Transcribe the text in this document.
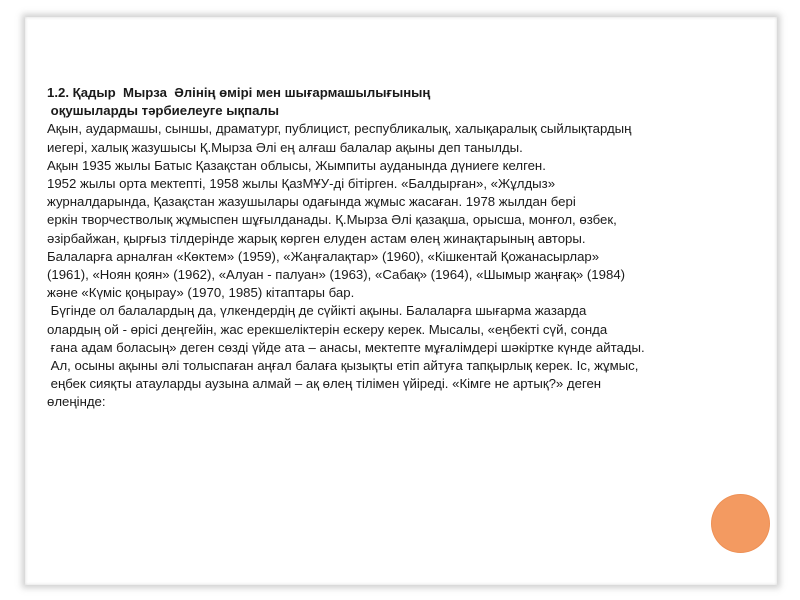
1.2. Қадыр  Мырза  Әлінің өмірі мен шығармашылығының
оқушыларды тәрбиелеуге ықпалы
Ақын, аудармашы, сыншы, драматург, публицист, республикалық, халықаралық сыйлықтардың
иегері, халық жазушысы Қ.Мырза Әлі ең алғаш балалар ақыны деп танылды.
Ақын 1935 жылы Батыс Қазақстан облысы, Жымпиты ауданында дүниеге келген.
1952 жылы орта мектепті, 1958 жылы ҚазМҰУ-ді бітірген. «Балдырған», «Жұлдыз»
журналдарында, Қазақстан жазушылары одағында жұмыс жасаған. 1978 жылдан бері
еркін творчестволық жұмыспен шұғылданады. Қ.Мырза Әлі қазақша, орысша, монғол, өзбек,
әзірбайжан, қырғыз тілдерінде жарық көрген елуден астам өлең жинақтарының авторы.
Балаларға арналған «Көктем» (1959), «Жаңғалақтар» (1960), «Кішкентай Қожанасырлар»
(1961), «Ноян қоян» (1962), «Алуан - палуан» (1963), «Сабақ» (1964), «Шымыр жаңғақ» (1984)
және «Күміс қоңырау» (1970, 1985) кітаптары бар.
Бүгінде ол балалардың да, үлкендердің де сүйікті ақыны. Балаларға шығарма жазарда
олардың ой - өрісі деңгейін, жас ерекшеліктерін ескеру керек. Мысалы, «еңбекті сүй, сонда
ғана адам боласың» деген сөзді үйде ата – анасы, мектепте мұғалімдері шәкіртке күнде айтады.
Ал, осыны ақыны әлі толыспаған аңғал балаға қызықты етіп айтуға тапқырлық керек. Іс, жұмыс,
еңбек сияқты атауларды аузына алмай – ақ өлең тілімен үйіреді. «Кімге не артық?» деген
өлеңінде:
